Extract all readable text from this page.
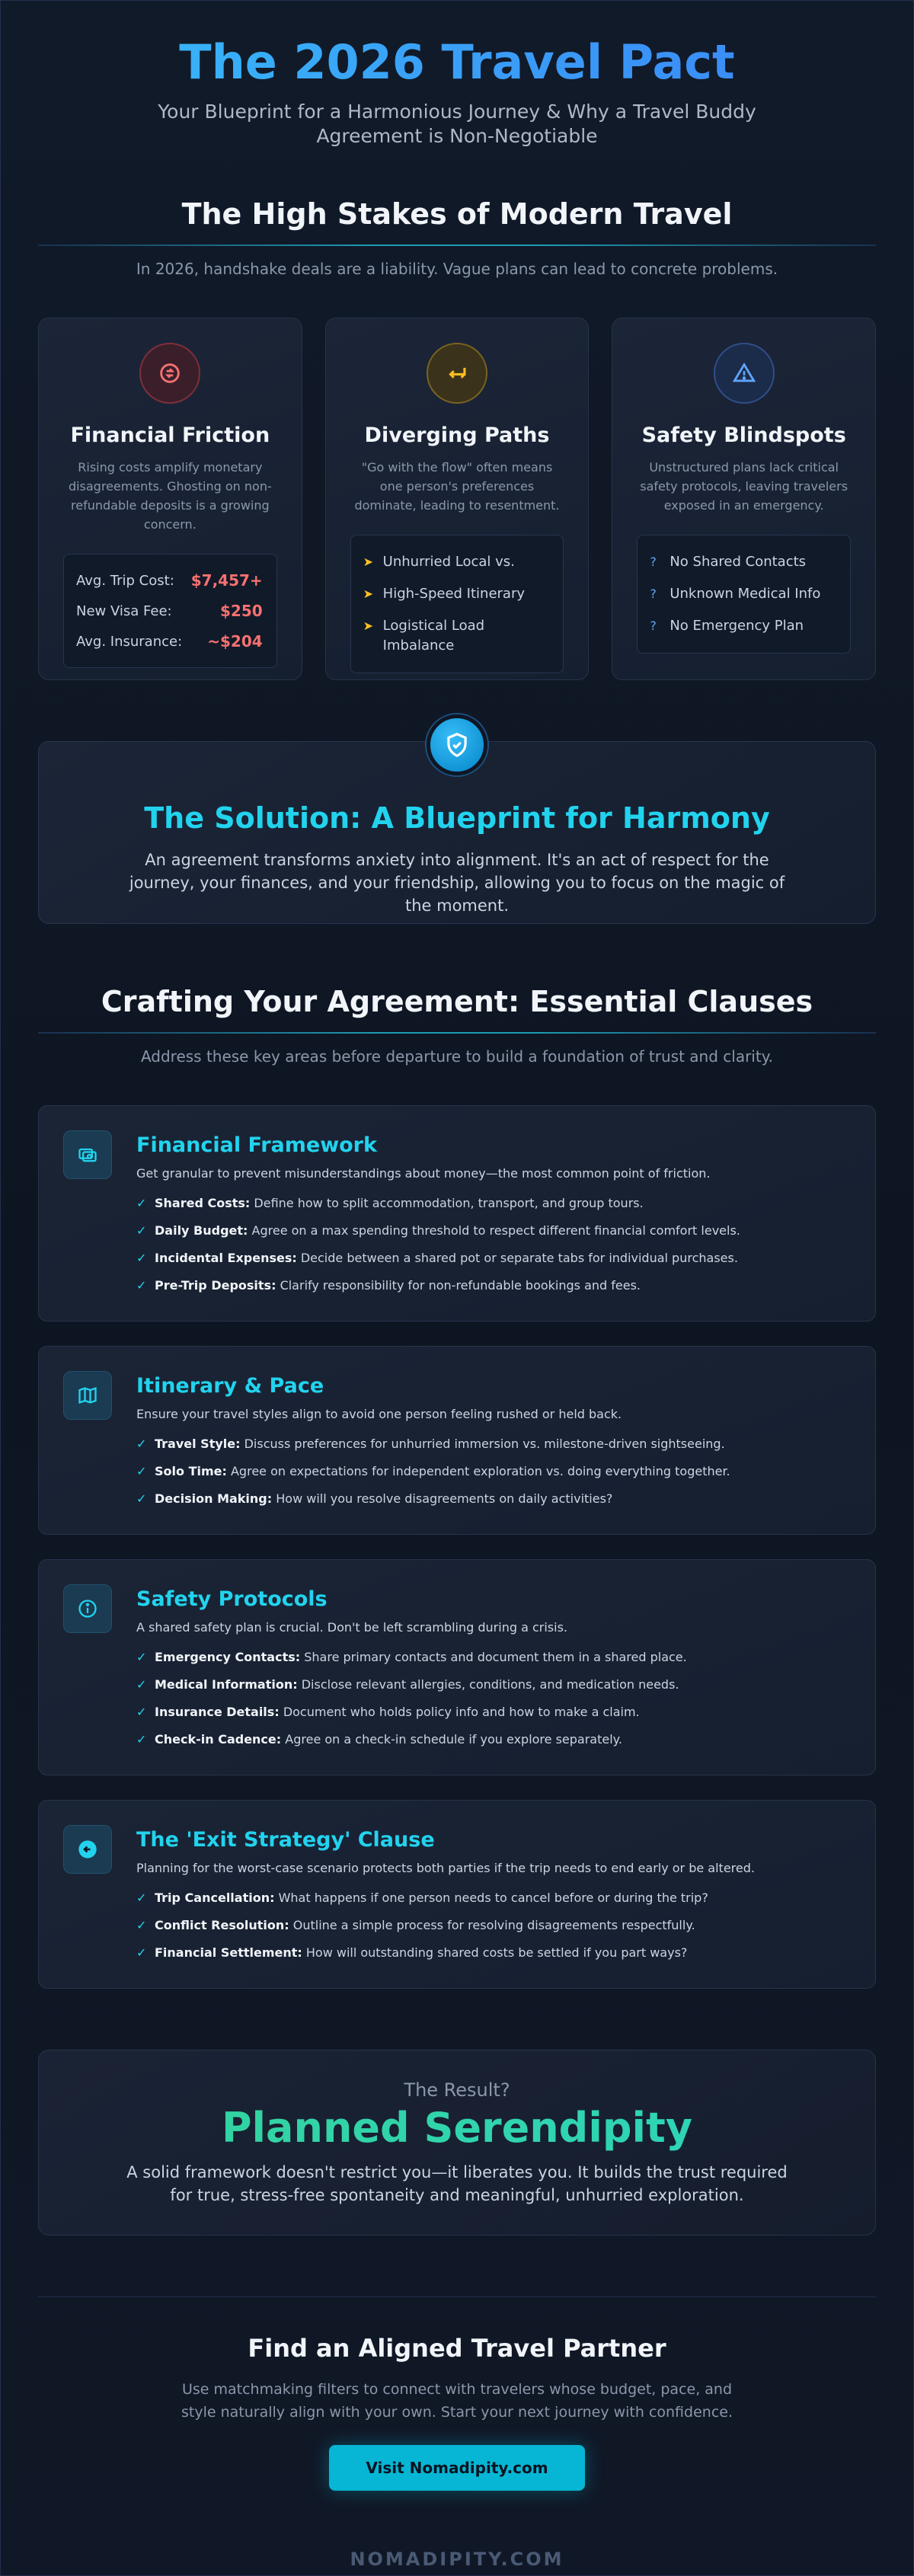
The 2026 Travel Pact

Your Blueprint for a Harmonious Journey & Why a Travel Buddy Agreement is Non-Negotiable

The High Stakes of Modern Travel

In 2026, handshake deals are a liability. Vague plans can lead to concrete problems.

Financial Friction

Rising costs amplify monetary disagreements. Ghosting on non-refundable deposits is a growing concern.

Avg. Trip Cost: $7,457+
New Visa Fee:	$250
Avg. Insurance: ~$204
Diverging Paths

"Go with the flow" often means one person's preferences dominate, leading to resentment.

➤ Unhurried Local vs.
➤ High-Speed Itinerary
➤ Logistical Load Imbalance
Safety Blindspots

Unstructured plans lack critical safety protocols, leaving travelers exposed in an emergency.

? No Shared Contacts
? Unknown Medical Info
? No Emergency Plan
The Solution: A Blueprint for Harmony

An agreement transforms anxiety into alignment. It's an act of respect for the journey, your finances, and your friendship, allowing you to focus on the magic of the moment.

Crafting Your Agreement: Essential Clauses

Address these key areas before departure to build a foundation of trust and clarity.

Financial Framework

Get granular to prevent misunderstandings about money—the most common point of friction.

✓ Shared Costs: Define how to split accommodation, transport, and group tours.
✓ Daily Budget: Agree on a max spending threshold to respect different financial comfort levels.
✓ Incidental Expenses: Decide between a shared pot or separate tabs for individual purchases.
✓ Pre-Trip Deposits: Clarify responsibility for non-refundable bookings and fees.
Itinerary & Pace

Ensure your travel styles align to avoid one person feeling rushed or held back.

✓ Travel Style: Discuss preferences for unhurried immersion vs. milestone-driven sightseeing.
✓ Solo Time: Agree on expectations for independent exploration vs. doing everything together.
✓ Decision Making: How will you resolve disagreements on daily activities?
Safety Protocols

A shared safety plan is crucial. Don't be left scrambling during a crisis.

✓ Emergency Contacts: Share primary contacts and document them in a shared place.
✓ Medical Information: Disclose relevant allergies, conditions, and medication needs.
✓ Insurance Details: Document who holds policy info and how to make a claim.
✓ Check-in Cadence: Agree on a check-in schedule if you explore separately.
The 'Exit Strategy' Clause

Planning for the worst-case scenario protects both parties if the trip needs to end early or be altered.

✓ Trip Cancellation: What happens if one person needs to cancel before or during the trip?
✓ Conflict Resolution: Outline a simple process for resolving disagreements respectfully.
✓ Financial Settlement: How will outstanding shared costs be settled if you part ways?
The Result?
Planned Serendipity

A solid framework doesn't restrict you—it liberates you. It builds the trust required for true, stress-free spontaneity and meaningful, unhurried exploration.

Find an Aligned Travel Partner

Use matchmaking filters to connect with travelers whose budget, pace, and style naturally align with your own. Start your next journey with confidence.

Visit Nomadipity.com
NOMADIPITY.COM
